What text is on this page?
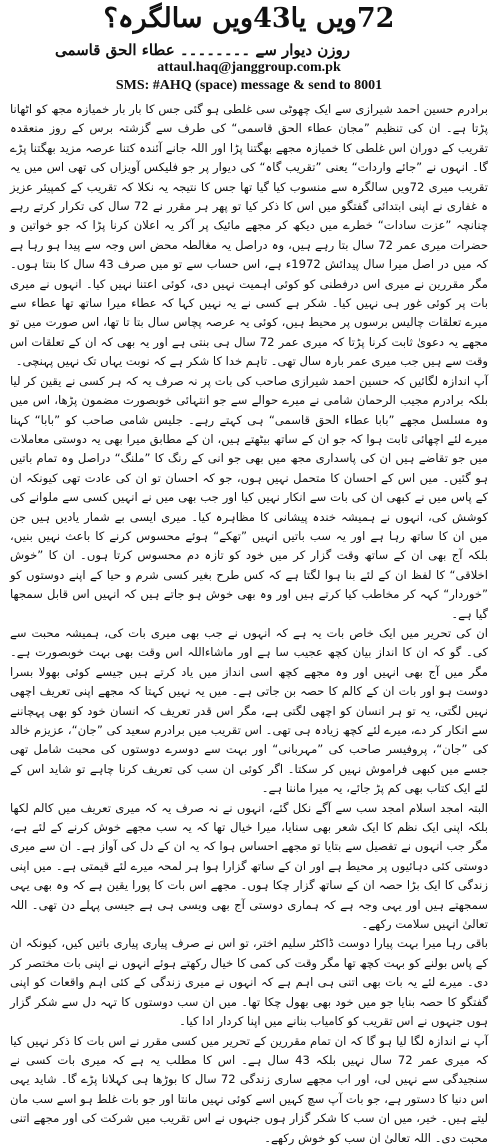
72ویں یا43ویں سالگرہ؟
روزن دیوار سے ۔۔۔۔۔۔۔۔ عطاء الحق قاسمی
attaul.haq@janggroup.com.pk
SMS: #AHQ (space) message & send to 8001

برادرم حسین احمد شیرازی سے ایک چھوٹی سی غلطی ہو گئی جس کا بار بار خمیازہ مجھ کو اٹھانا پڑتا ہے۔ ان کی تنظیم ”مجان عطاء الحق قاسمی“ کی طرف سے گزشتہ برس کے روز منعقدہ تقریب کے دوران اس غلطی کا خمیازہ مجھے بھگتنا پڑا اور اللہ جانے آئندہ کتنا عرصہ مزید بھگتنا پڑے گا۔ انہوں نے ”جائے واردات“ یعنی ”تقریب گاہ“ کی دیوار پر جو فلیکس آویزاں کی تھی اس میں یہ تقریب میری 72ویں سالگرہ سے منسوب کیا گیا تھا جس کا نتیجہ یہ نکلا کہ تقریب کے کمپیئر عزیز ہ غفاری نے اپنی ابتدائی گفتگو میں اس کا ذکر کیا تو پھر ہر مقرر نے 72 سال کی تکرار کرتے رہے چنانچہ ”عزت سادات“ خطرے میں دیکھ کر مجھے مائیک پر آکر یہ اعلان کرنا پڑا کہ جو خواتین و حضرات میری عمر 72 سال بتا رہے ہیں، وہ دراصل یہ مغالطہ محض اس وجہ سے پیدا ہو رہا ہے کہ میں در اصل میرا سال پیدائش 1972ء ہے، اس حساب سے تو میں صرف 43 سال کا بنتا ہوں۔ مگر مقررین نے میری اس درفطنی کو کوئی اہمیت نہیں دی، کوئی اعتنا نہیں کیا۔ انہوں نے میری بات پر کوئی غور ہی نہیں کیا۔ شکر ہے کسی نے یہ نہیں کہا کہ عطاء میرا ساتھ تھا عطاء سے میرے تعلقات چالیس برسوں پر محیط ہیں، کوئی یہ عرصہ پچاس سال بتا تا تھا، اس صورت میں تو مجھے یہ دعویٰ ثابت کرنا پڑتا کہ میری عمر 72 سال ہی بنتی ہے اور یہ بھی کہ ان کے تعلقات اس وقت سے ہیں جب میری عمر بارہ سال تھی۔ تاہم خدا کا شکر ہے کہ نوبت یہاں تک نہیں پہنچی۔

آپ اندازہ لگائیں کہ حسین احمد شیرازی صاحب کی بات پر نہ صرف یہ کہ ہر کسی نے یقین کر لیا بلکہ برادرم مجیب الرحمان شامی نے میرے حوالے سے جو انتہائی خوبصورت مضمون پڑھا، اس میں وہ مسلسل مجھے ”بابا عطاء الحق قاسمی“ ہی کہتے رہے۔ جلیس شامی صاحب کو ”بابا“ کہنا میرے لئے اچھائی ثابت ہوا کہ جو ان کے ساتھ بیٹھتے ہیں، ان کے مطابق میرا بھی یہ دوستی معاملات میں جو تقاضے ہیں ان کی پاسداری مجھ میں بھی جو انی کے رنگ کا ”ملنگ“ دراصل وہ تمام باتیں ہو گئیں۔ میں اس کے احسان کا متحمل نہیں ہوں، جو کہ احسان تو ان کی عادت تھی کیونکہ ان کے پاس میں نے کبھی ان کی بات سے انکار نہیں کیا اور جب بھی میں نے انہیں کسی سے ملوانے کی کوشش کی، انہوں نے ہمیشہ خندہ پیشانی کا مظاہرہ کیا۔ میری ایسی بے شمار یادیں ہیں جن میں ان کا ساتھ رہا ہے اور یہ سب باتیں انہیں ”تھکے“ ہوئے محسوس کرنے کا باعث نہیں بنیں، بلکہ آج بھی ان کے ساتھ وقت گزار کر میں خود کو تازہ دم محسوس کرتا ہوں۔ ان کا ”خوش اخلاقی“ کا لفظ ان کے لئے بنا ہوا لگتا ہے کہ کس طرح بغیر کسی شرم و حیا کے اپنے دوستوں کو ”خوردار“ کہہ کر مخاطب کیا کرتے ہیں اور وہ بھی خوش ہو جاتے ہیں کہ انہیں اس قابل سمجھا گیا ہے۔

ان کی تحریر میں ایک خاص بات یہ ہے کہ انہوں نے جب بھی میری بات کی، ہمیشہ محبت سے کی۔ گو کہ ان کا انداز بیان کچھ عجیب سا ہے اور ماشاءاللہ اس وقت بھی بہت خوبصورت ہے۔ مگر میں آج بھی انہیں اور وہ مجھے کچھ اسی انداز میں یاد کرتے ہیں جیسے کوئی بھولا بسرا دوست ہو اور بات ان کے کالم کا حصہ بن جاتی ہے۔ میں یہ نہیں کہتا کہ مجھے اپنی تعریف اچھی نہیں لگتی، یہ تو ہر انسان کو اچھی لگتی ہے، مگر اس قدر تعریف کہ انسان خود کو بھی پہچاننے سے انکار کر دے، میرے لئے کچھ زیادہ ہی تھی۔ اس تقریب میں برادرم سعید کی ”جان“، عزیزم خالد کی ”جان“، پروفیسر صاحب کی ”مہربانی“ اور بہت سے دوسرے دوستوں کی محبت شامل تھی جسے میں کبھی فراموش نہیں کر سکتا۔ اگر کوئی ان سب کی تعریف کرنا چاہے تو شاید اس کے لئے ایک کتاب بھی کم پڑ جائے، یہ میرا ماننا ہے۔

البتہ امجد اسلام امجد سب سے آگے نکل گئے، انہوں نے نہ صرف یہ کہ میری تعریف میں کالم لکھا بلکہ اپنی ایک نظم کا ایک شعر بھی سنایا، میرا خیال تھا کہ یہ سب مجھے خوش کرنے کے لئے ہے، مگر جب انہوں نے تفصیل سے بتایا تو مجھے احساس ہوا کہ یہ ان کے دل کی آواز ہے۔ ان سے میری دوستی کئی دہائیوں پر محیط ہے اور ان کے ساتھ گزارا ہوا ہر لمحہ میرے لئے قیمتی ہے۔ میں اپنی زندگی کا ایک بڑا حصہ ان کے ساتھ گزار چکا ہوں۔ مجھے اس بات کا پورا یقین ہے کہ وہ بھی یہی سمجھتے ہیں اور یہی وجہ ہے کہ ہماری دوستی آج بھی ویسی ہی ہے جیسی پہلے دن تھی۔ اللہ تعالیٰ انہیں سلامت رکھے۔

باقی رہا میرا بہت پیارا دوست ڈاکٹر سلیم اختر، تو اس نے صرف پیاری پیاری باتیں کیں، کیونکہ ان کے پاس بولنے کو بہت کچھ تھا مگر وقت کی کمی کا خیال رکھتے ہوئے انہوں نے اپنی بات مختصر کر دی۔ میرے لئے یہ بات بھی اتنی ہی اہم ہے کہ انہوں نے میری زندگی کے کئی اہم واقعات کو اپنی گفتگو کا حصہ بنایا جو میں خود بھی بھول چکا تھا۔ میں ان سب دوستوں کا تہہ دل سے شکر گزار ہوں جنہوں نے اس تقریب کو کامیاب بنانے میں اپنا کردار ادا کیا۔

آپ نے اندازہ لگا لیا ہو گا کہ ان تمام مقررین کے تحریر میں کسی مقرر نے اس بات کا ذکر نہیں کیا کہ میری عمر 72 سال نہیں بلکہ 43 سال ہے۔ اس کا مطلب یہ ہے کہ میری بات کسی نے سنجیدگی سے نہیں لی، اور اب مجھے ساری زندگی 72 سال کا بوڑھا ہی کہلانا پڑے گا۔ شاید یہی اس دنیا کا دستور ہے، جو بات آپ سچ کہیں اسے کوئی نہیں مانتا اور جو بات غلط ہو اسے سب مان لیتے ہیں۔ خیر، میں ان سب کا شکر گزار ہوں جنہوں نے اس تقریب میں شرکت کی اور مجھے اتنی محبت دی۔ اللہ تعالیٰ ان سب کو خوش رکھے۔
